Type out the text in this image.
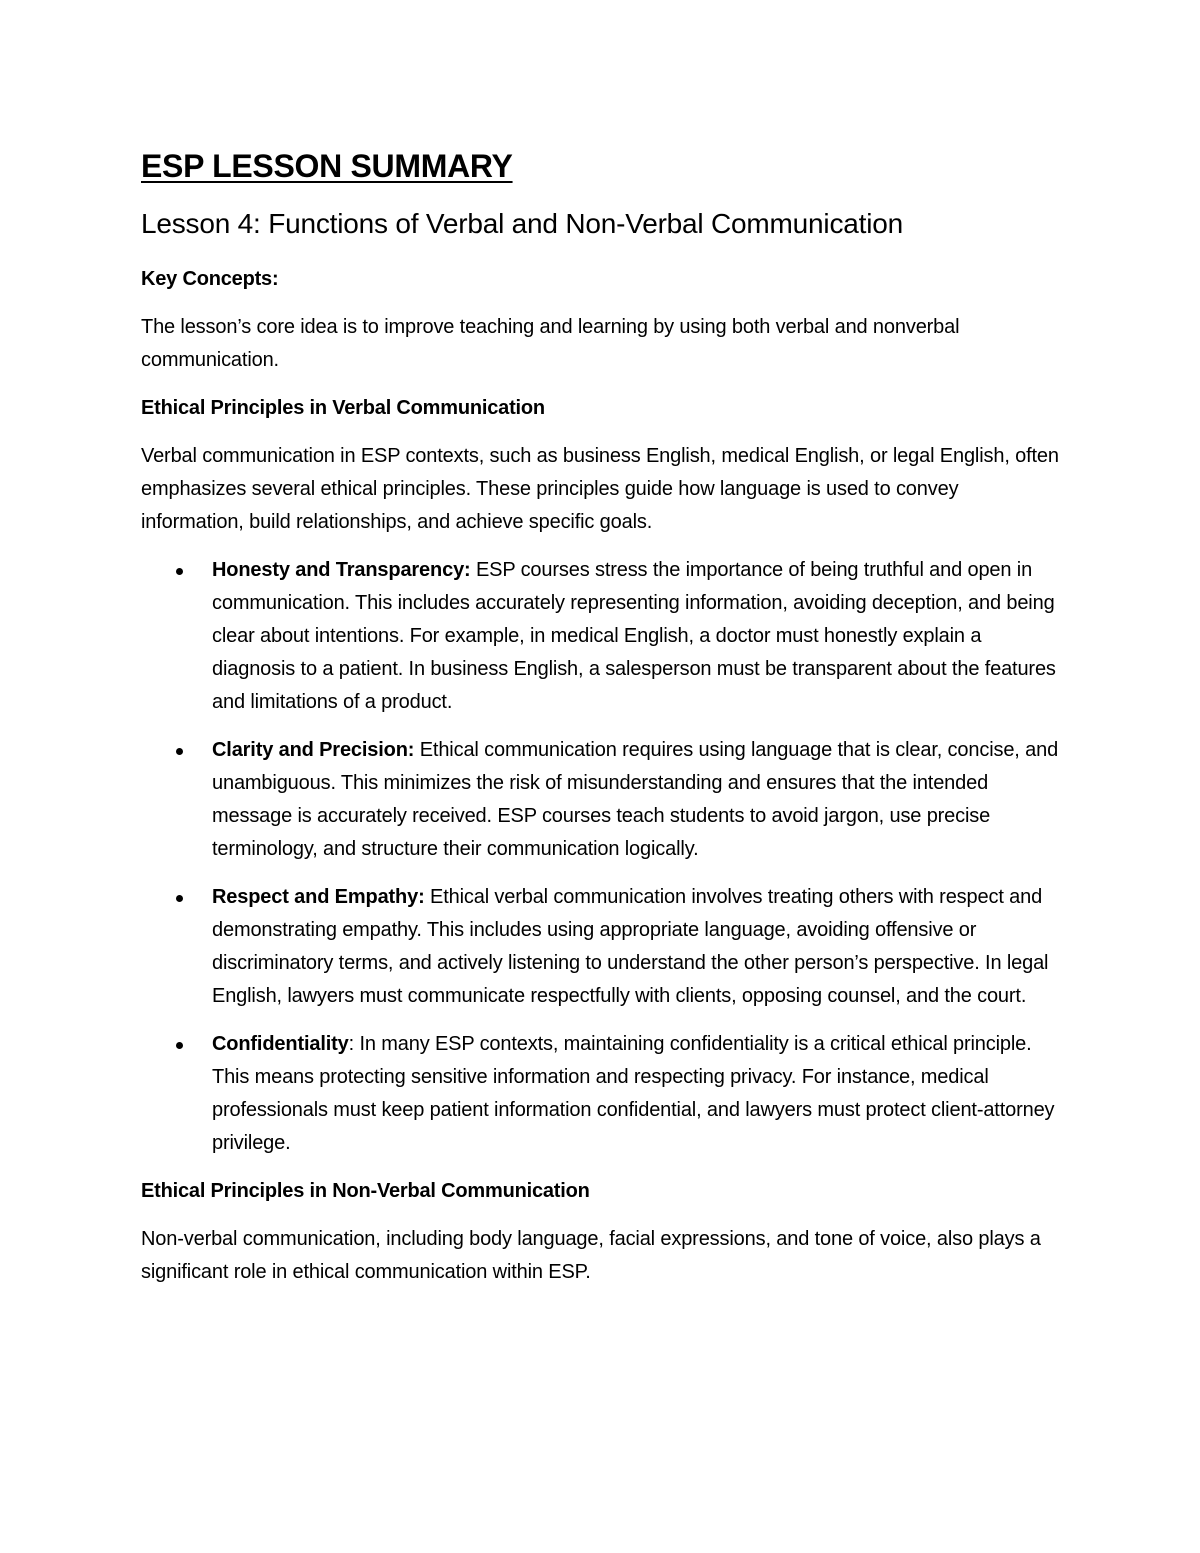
ESP LESSON SUMMARY
Lesson 4: Functions of Verbal and Non-Verbal Communication
Key Concepts:

The lesson’s core idea is to improve teaching and learning by using both verbal and nonverbal communication.

Ethical Principles in Verbal Communication

Verbal communication in ESP contexts, such as business English, medical English, or legal English, often emphasizes several ethical principles. These principles guide how language is used to convey information, build relationships, and achieve specific goals.

Honesty and Transparency: ESP courses stress the importance of being truthful and open in communication. This includes accurately representing information, avoiding deception, and being clear about intentions. For example, in medical English, a doctor must honestly explain a diagnosis to a patient. In business English, a salesperson must be transparent about the features and limitations of a product.
Clarity and Precision: Ethical communication requires using language that is clear, concise, and unambiguous. This minimizes the risk of misunderstanding and ensures that the intended message is accurately received. ESP courses teach students to avoid jargon, use precise terminology, and structure their communication logically.
Respect and Empathy: Ethical verbal communication involves treating others with respect and demonstrating empathy. This includes using appropriate language, avoiding offensive or discriminatory terms, and actively listening to understand the other person’s perspective. In legal English, lawyers must communicate respectfully with clients, opposing counsel, and the court.
Confidentiality: In many ESP contexts, maintaining confidentiality is a critical ethical principle. This means protecting sensitive information and respecting privacy. For instance, medical professionals must keep patient information confidential, and lawyers must protect client-attorney privilege.
Ethical Principles in Non-Verbal Communication

Non-verbal communication, including body language, facial expressions, and tone of voice, also plays a significant role in ethical communication within ESP.
